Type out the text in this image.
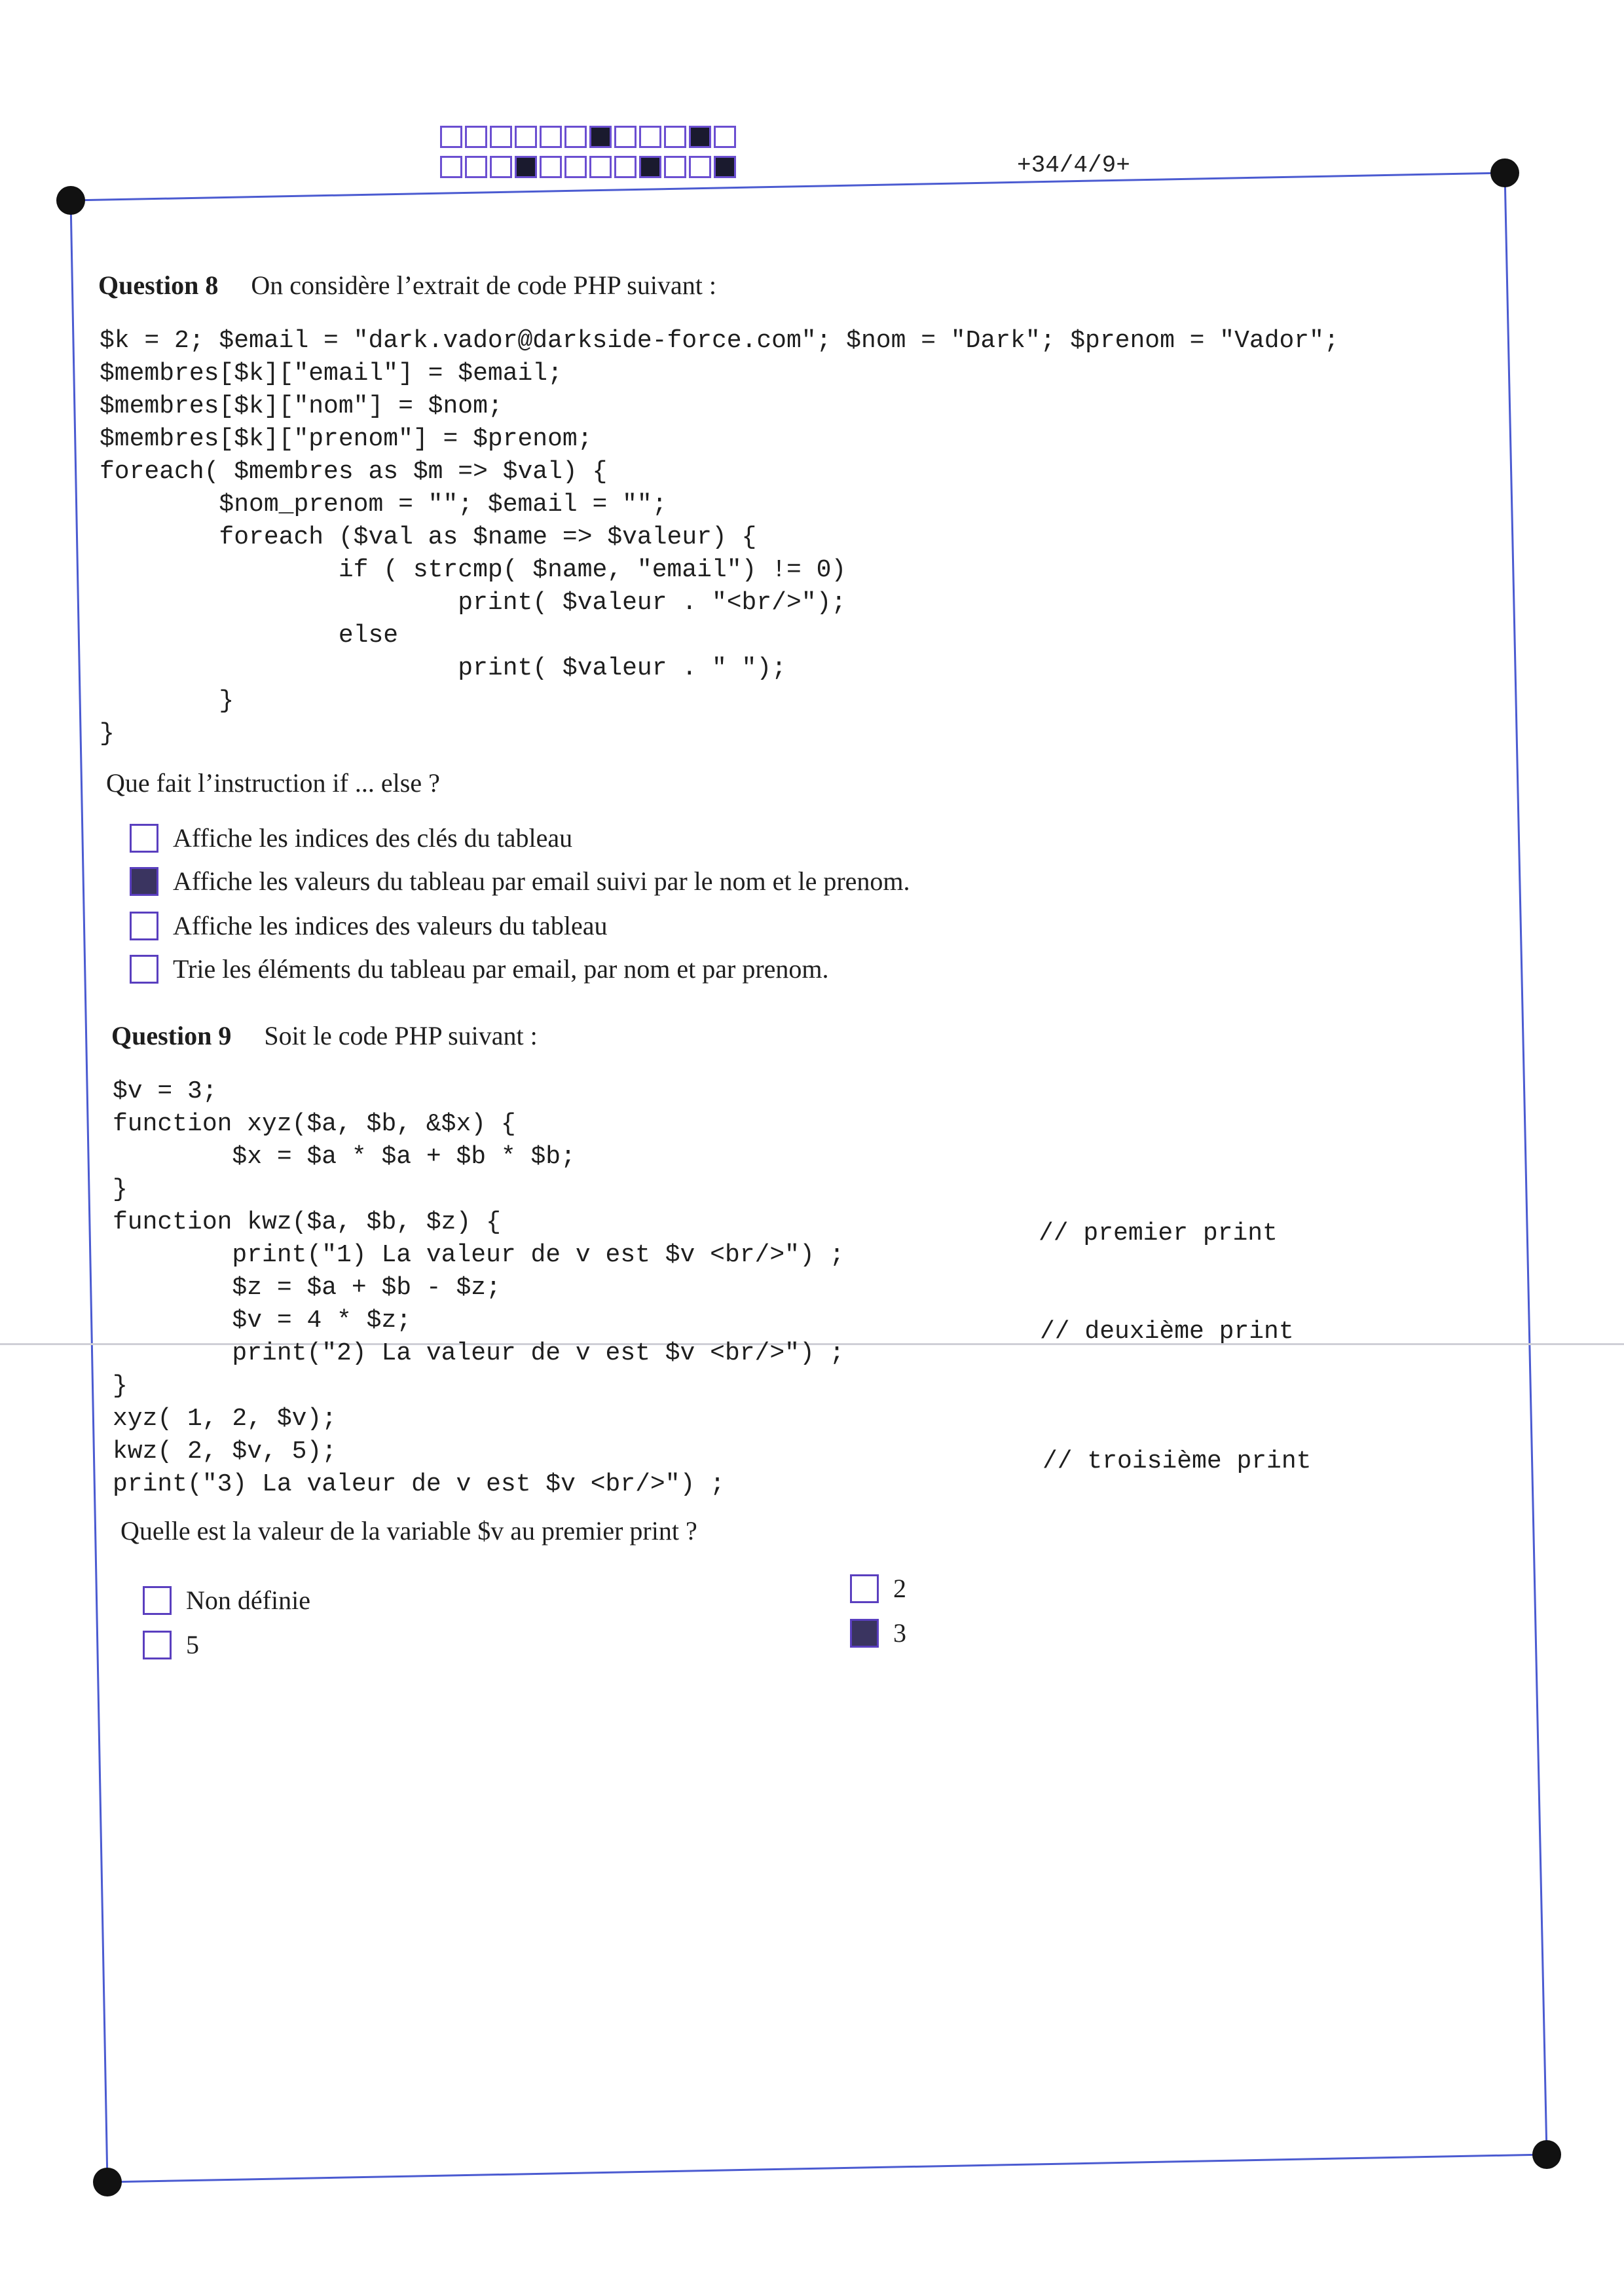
+34/4/9+
Question 8 On considère l’extrait de code PHP suivant :
$k = 2; $email = "dark.vador@darkside-force.com"; $nom = "Dark"; $prenom = "Vador";
$membres[$k]["email"] = $email;
$membres[$k]["nom"] = $nom;
$membres[$k]["prenom"] = $prenom;
foreach( $membres as $m => $val) {
$nom_prenom = ""; $email = "";
foreach ($val as $name => $valeur) {
if ( strcmp( $name, "email") != 0)
print( $valeur . "<br/>");
else
print( $valeur . " ");
}
}
Que fait l’instruction if ... else ?
Affiche les indices des clés du tableau
Affiche les valeurs du tableau par email suivi par le nom et le prenom.
Affiche les indices des valeurs du tableau
Trie les éléments du tableau par email, par nom et par prenom.
Question 9 Soit le code PHP suivant :
$v = 3;
function xyz($a, $b, &$x) {
$x = $a * $a + $b * $b;
}
function kwz($a, $b, $z) {
print("1) La valeur de v est $v <br/>") ;
$z = $a + $b - $z;
$v = 4 * $z;
print("2) La valeur de v est $v <br/>") ;
}
xyz( 1, 2, $v);
kwz( 2, $v, 5);
print("3) La valeur de v est $v <br/>") ;
// premier print
// deuxième print
// troisième print
Quelle est la valeur de la variable $v au premier print ?
Non définie
5
2
3
